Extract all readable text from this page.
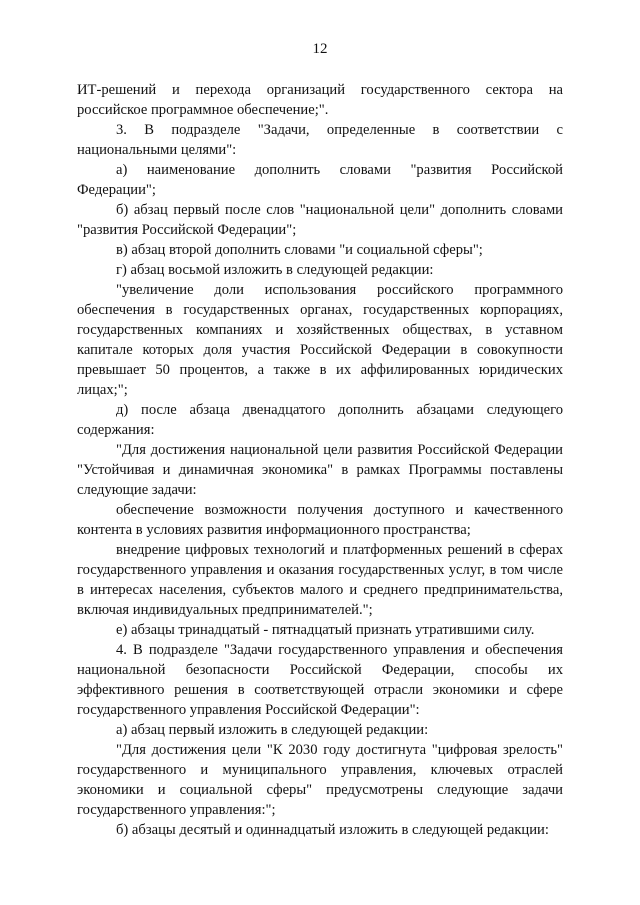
12

ИТ-решений и перехода организаций государственного сектора на российское программное обеспечение;".

3. В подразделе "Задачи, определенные в соответствии с национальными целями":

а) наименование дополнить словами "развития Российской Федерации";

б) абзац первый после слов "национальной цели" дополнить словами "развития Российской Федерации";

в) абзац второй дополнить словами "и социальной сферы";

г) абзац восьмой изложить в следующей редакции:

"увеличение доли использования российского программного обеспечения в государственных органах, государственных корпорациях, государственных компаниях и хозяйственных обществах, в уставном капитале которых доля участия Российской Федерации в совокупности превышает 50 процентов, а также в их аффилированных юридических лицах;";

д) после абзаца двенадцатого дополнить абзацами следующего содержания:

"Для достижения национальной цели развития Российской Федерации "Устойчивая и динамичная экономика" в рамках Программы поставлены следующие задачи:

обеспечение возможности получения доступного и качественного контента в условиях развития информационного пространства;

внедрение цифровых технологий и платформенных решений в сферах государственного управления и оказания государственных услуг, в том числе в интересах населения, субъектов малого и среднего предпринимательства, включая индивидуальных предпринимателей.";

е) абзацы тринадцатый - пятнадцатый признать утратившими силу.

4. В подразделе "Задачи государственного управления и обеспечения национальной безопасности Российской Федерации, способы их эффективного решения в соответствующей отрасли экономики и сфере государственного управления Российской Федерации":

а) абзац первый изложить в следующей редакции:

"Для достижения цели "К 2030 году достигнута "цифровая зрелость" государственного и муниципального управления, ключевых отраслей экономики и социальной сферы" предусмотрены следующие задачи государственного управления:";

б) абзацы десятый и одиннадцатый изложить в следующей редакции:
